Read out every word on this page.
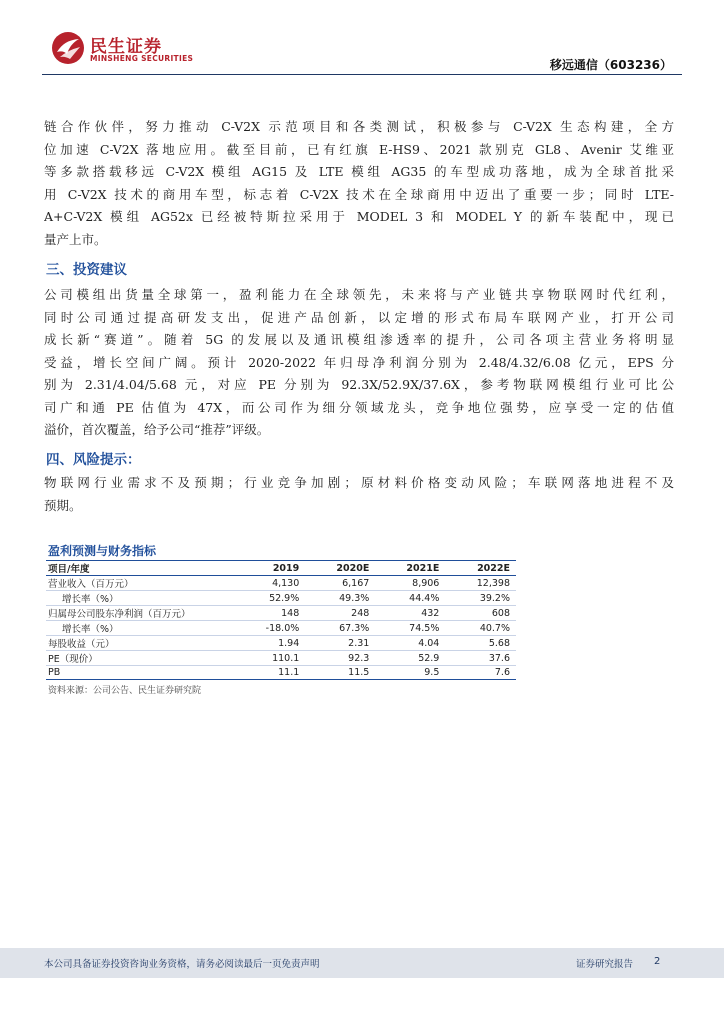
民生证券
MINSHENG SECURITIES	移远通信（603236）
链合作伙伴，努力推动 C-V2X 示范项目和各类测试，积极参与 C-V2X 生态构建，全方
位加速 C-V2X 落地应用。截至目前，已有红旗 E-HS9、2021 款别克 GL8、Avenir 艾维亚
等多款搭载移远 C-V2X 模组 AG15 及 LTE 模组 AG35 的车型成功落地，成为全球首批采
用 C-V2X 技术的商用车型，标志着 C-V2X 技术在全球商用中迈出了重要一步；同时 LTE-
A+C-V2X 模组 AG52x 已经被特斯拉采用于 MODEL 3 和 MODEL Y 的新车装配中，现已
量产上市。
三、投资建议
公司模组出货量全球第一，盈利能力在全球领先，未来将与产业链共享物联网时代红利，
同时公司通过提高研发支出，促进产品创新，以定增的形式布局车联网产业，打开公司
成长新“赛道”。随着 5G 的发展以及通讯模组渗透率的提升，公司各项主营业务将明显
受益，增长空间广阔。预计 2020-2022 年归母净利润分别为 2.48/4.32/6.08 亿元，EPS 分
别为 2.31/4.04/5.68 元，对应 PE 分别为 92.3X/52.9X/37.6X，参考物联网模组行业可比公
司广和通 PE 估值为 47X，而公司作为细分领域龙头，竞争地位强势，应享受一定的估值
溢价，首次覆盖，给予公司“推荐”评级。
四、风险提示：
物联网行业需求不及预期；行业竞争加剧；原材料价格变动风险；车联网落地进程不及
预期。
盈利预测与财务指标
项目/年度	2019	2020E	2021E	2022E
营业收入（百万元）	4,130	6,167	8,906	12,398
增长率（%）	52.9%	49.3%	44.4%	39.2%
归属母公司股东净利润（百万元）	148	248	432	608
增长率（%）	-18.0%	67.3%	74.5%	40.7%
每股收益（元）	1.94	2.31	4.04	5.68
PE（现价）	110.1	92.3	52.9	37.6
PB	11.1	11.5	9.5	7.6
资料来源：公司公告、民生证券研究院
本公司具备证券投资咨询业务资格，请务必阅读最后一页免责声明	证券研究报告 2
